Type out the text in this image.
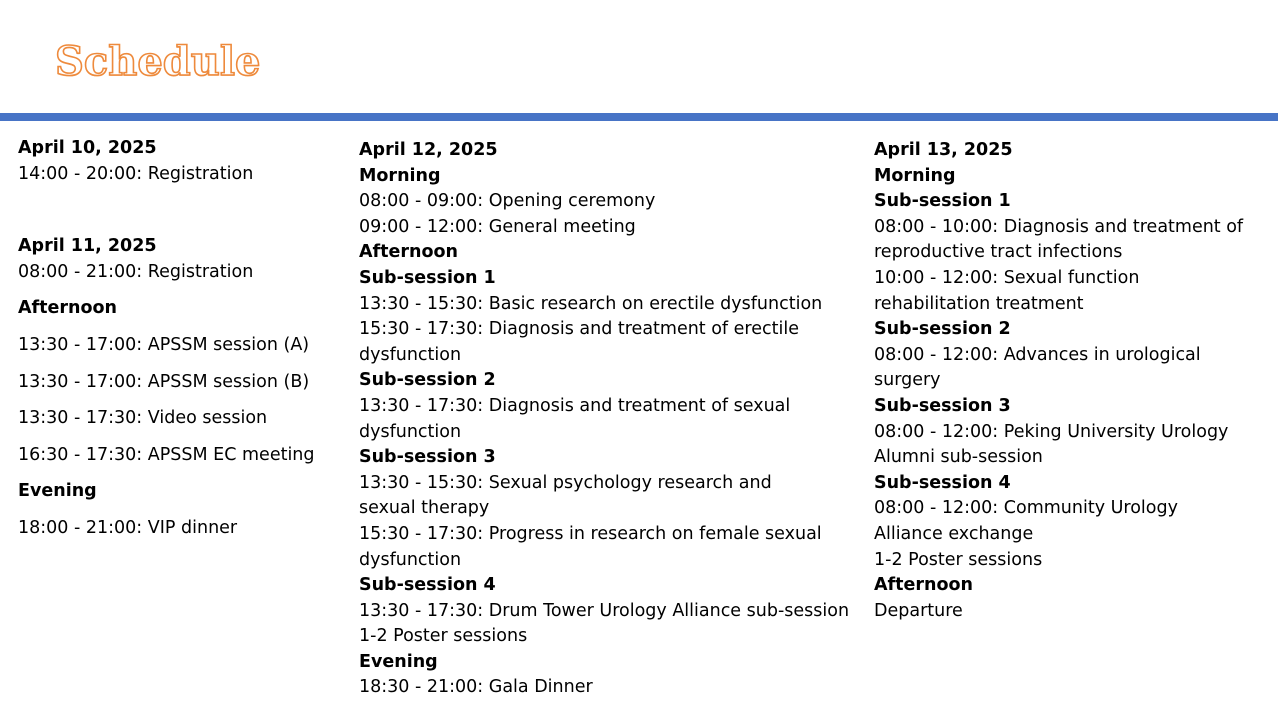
Schedule
April 10, 2025
14:00 - 20:00: Registration
April 11, 2025
08:00 - 21:00: Registration
Afternoon
13:30 - 17:00: APSSM session (A)
13:30 - 17:00: APSSM session (B)
13:30 - 17:30: Video session
16:30 - 17:30: APSSM EC meeting
Evening
18:00 - 21:00: VIP dinner
April 12, 2025
Morning
08:00 - 09:00: Opening ceremony
09:00 - 12:00: General meeting
Afternoon
Sub-session 1
13:30 - 15:30: Basic research on erectile dysfunction
15:30 - 17:30: Diagnosis and treatment of erectile dysfunction
Sub-session 2
13:30 - 17:30: Diagnosis and treatment of sexual dysfunction
Sub-session 3
13:30 - 15:30: Sexual psychology research and sexual therapy
15:30 - 17:30: Progress in research on female sexual dysfunction
Sub-session 4
13:30 - 17:30: Drum Tower Urology Alliance sub-session
1-2 Poster sessions
Evening
18:30 - 21:00: Gala Dinner
April 13, 2025
Morning
Sub-session 1
08:00 - 10:00: Diagnosis and treatment of reproductive tract infections
10:00 - 12:00: Sexual function rehabilitation treatment
Sub-session 2
08:00 - 12:00: Advances in urological surgery
Sub-session 3
08:00 - 12:00: Peking University Urology Alumni sub-session
Sub-session 4
08:00 - 12:00: Community Urology Alliance exchange
1-2 Poster sessions
Afternoon
Departure
